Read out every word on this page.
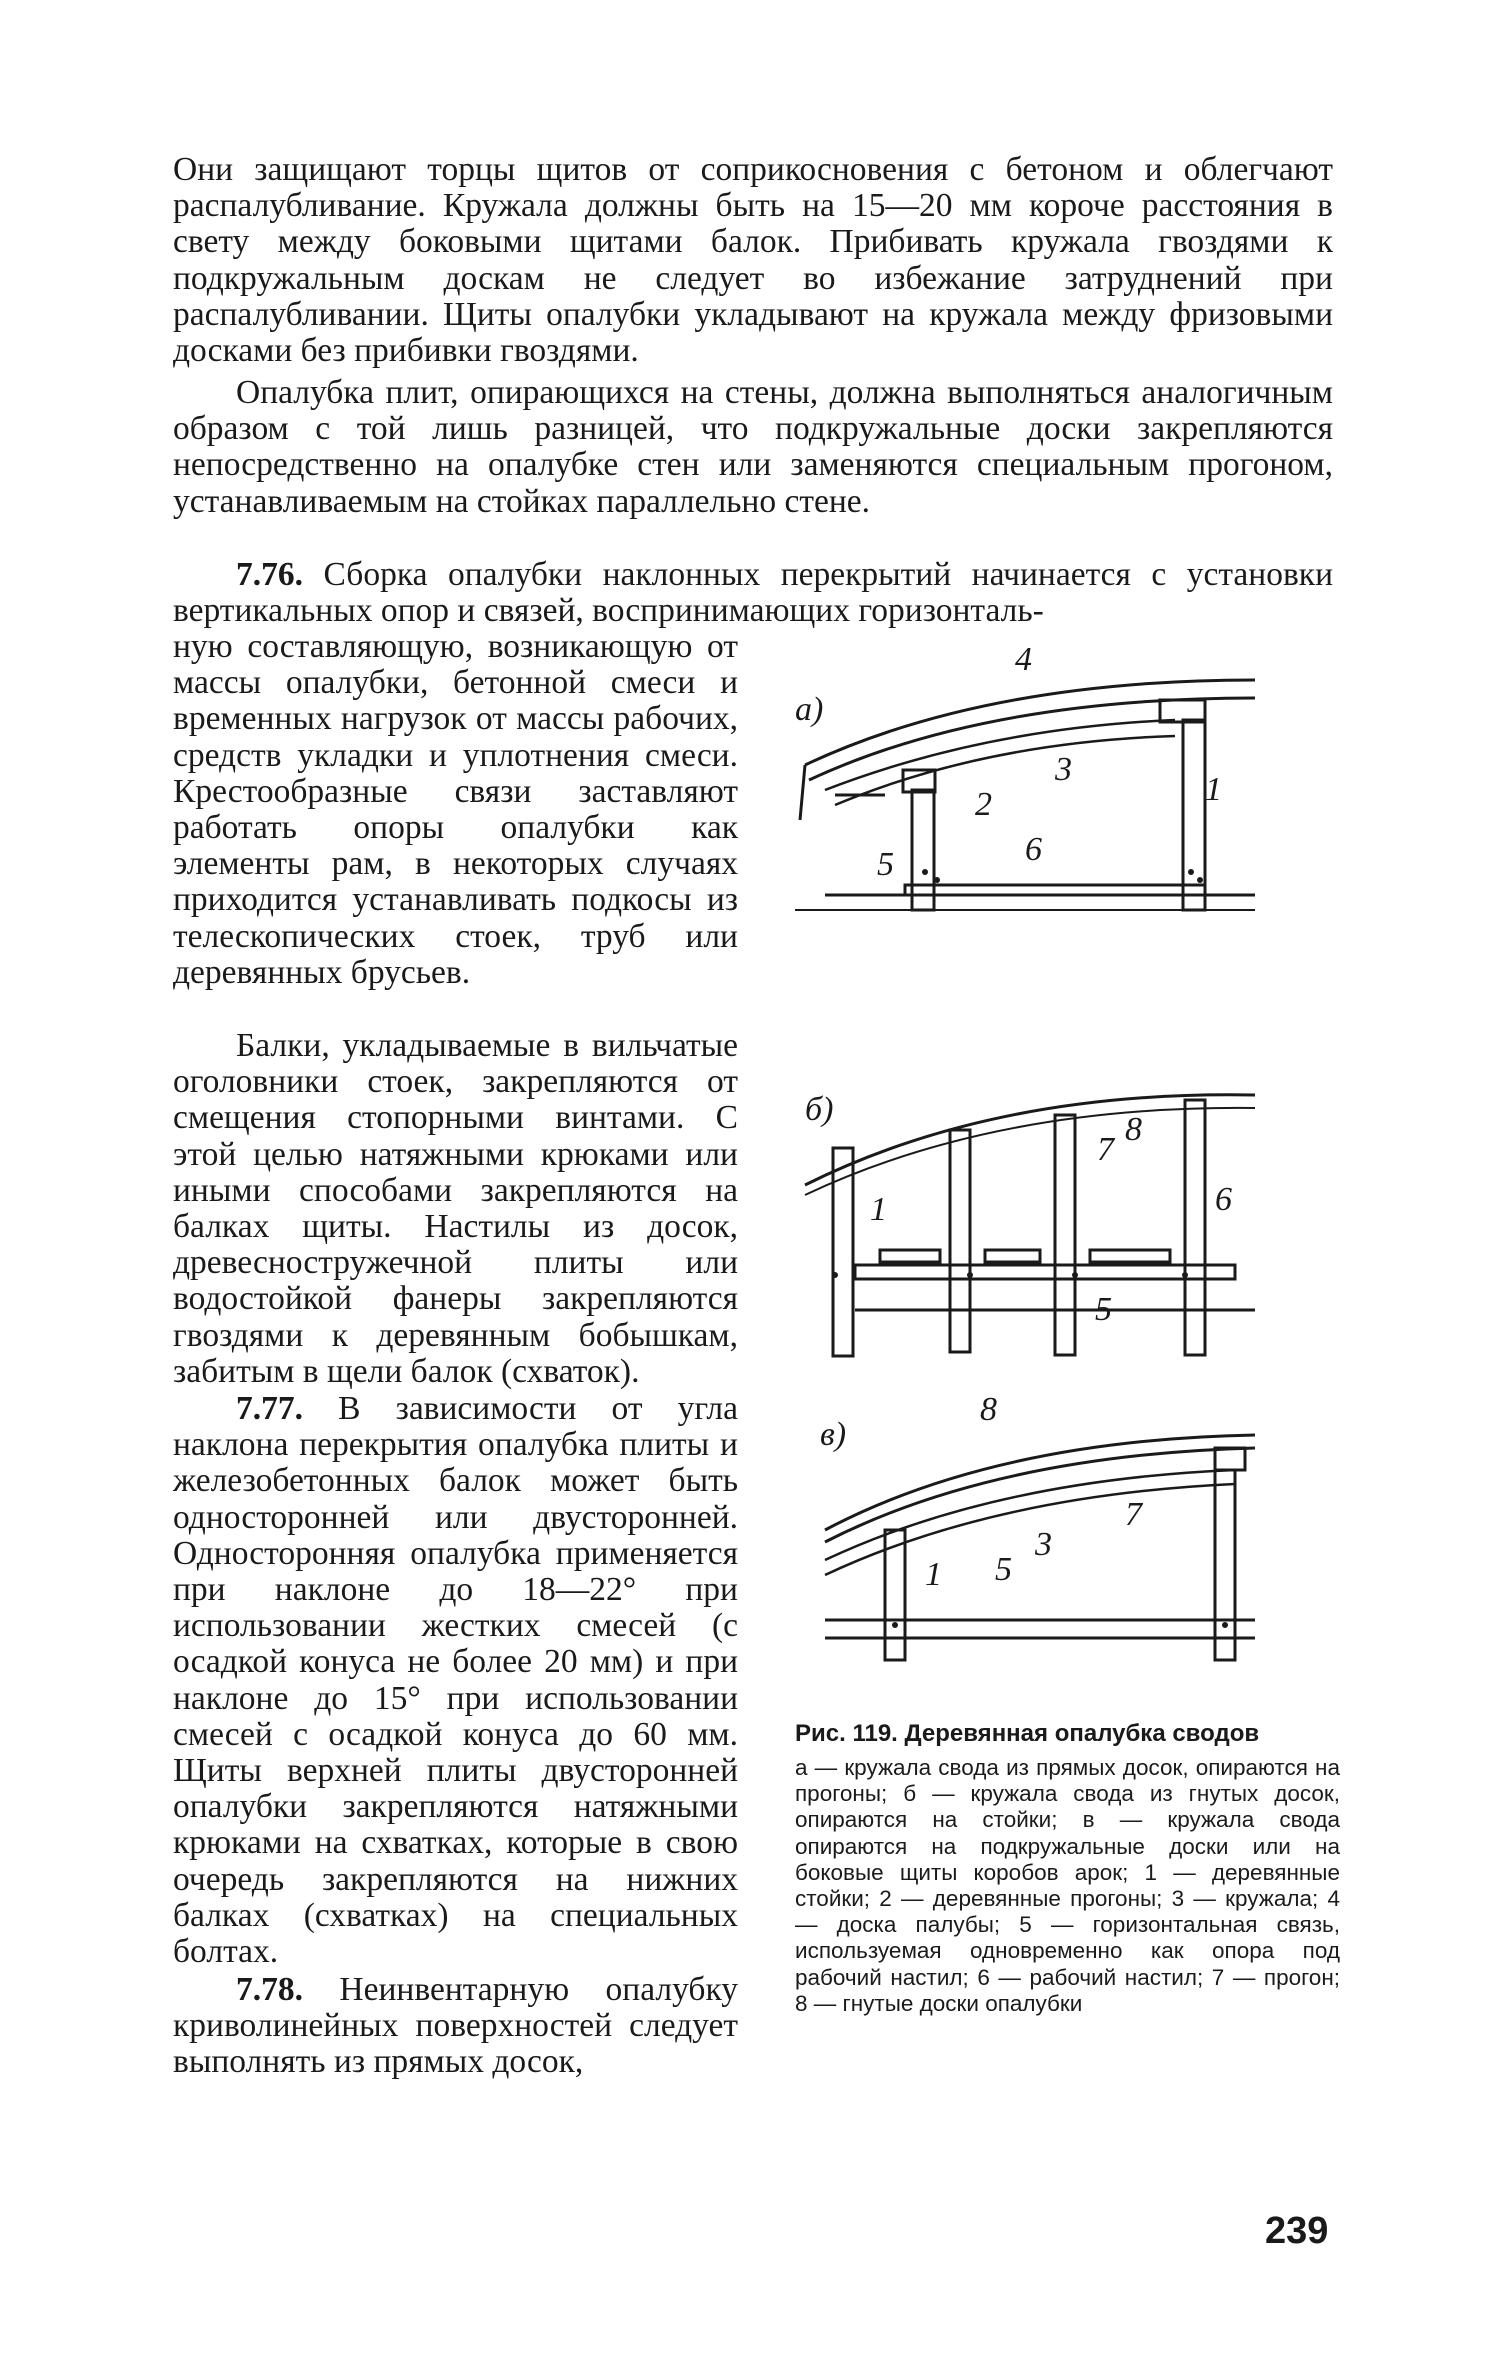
Они защищают торцы щитов от соприкосновения с бетоном и облегчают распалубливание. Кружала должны быть на 15—20 мм короче расстояния в свету между боковыми щитами балок. Прибивать кружала гвоздями к подкружальным доскам не следует во избежание затруднений при распалубливании. Щиты опалубки укладывают на кружала между фризовыми досками без прибивки гвоздями.

Опалубка плит, опирающихся на стены, должна выполняться аналогичным образом с той лишь разницей, что подкружальные доски закрепляются непосредственно на опалубке стен или заменяются специальным прогоном, устанавливаемым на стойках параллельно стене.

7.76. Сборка опалубки наклонных перекрытий начинается с установки вертикальных опор и связей, воспринимающих горизонталь-

ную составляющую, возникающую от массы опалубки, бетонной смеси и временных нагрузок от массы рабочих, средств укладки и уплотнения смеси. Крестообразные связи заставляют работать опоры опалубки как элементы рам, в некоторых случаях приходится устанавливать подкосы из телескопических стоек, труб или деревянных брусьев.

Балки, укладываемые в вильчатые оголовники стоек, закрепляются от смещения стопорными винтами. С этой целью натяжными крюками или иными способами закрепляются на балках щиты. Настилы из досок, древесностружечной плиты или водостойкой фанеры закрепляются гвоздями к деревянным бобышкам, забитым в щели балок (схваток).

7.77. В зависимости от угла наклона перекрытия опалубка плиты и железобетонных балок может быть односторонней или двусторонней. Односторонняя опалубка применяется при наклоне до 18—22° при использовании жестких смесей (с осадкой конуса не более 20 мм) и при наклоне до 15° при использовании смесей с осадкой конуса до 60 мм. Щиты верхней плиты двусторонней опалубки закрепляются натяжными крюками на схватках, которые в свою очередь закрепляются на нижних балках (схватках) на специальных болтах.

7.78. Неинвентарную опалубку криволинейных поверхностей следует выполнять из прямых досок,

а)
1
2
3
4
5	6
б)
1
5
6
7
8
в)
1
3
5
7
8

Рис. 119. Деревянная опалубка сводов

а — кружала свода из прямых досок, опираются на прогоны; б — кружала свода из гнутых досок, опираются на стойки; в — кружала свода опираются на подкружальные доски или на боковые щиты коробов арок; 1 — деревянные стойки; 2 — деревянные прогоны; 3 — кружала; 4 — доска палубы; 5 — горизонтальная связь, используемая одновременно как опора под рабочий настил; 6 — рабочий настил; 7 — прогон; 8 — гнутые доски опалубки

239
